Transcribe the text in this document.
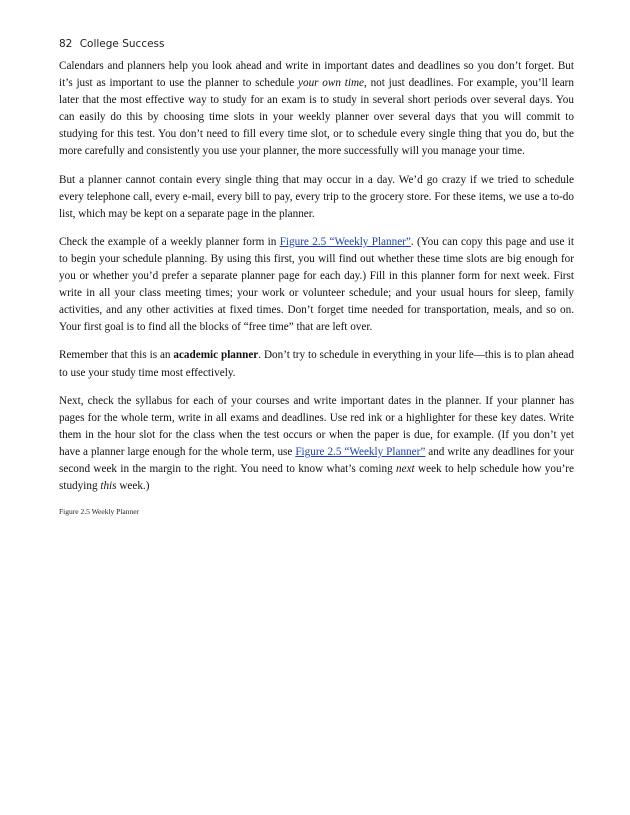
82 College Success

Calendars and planners help you look ahead and write in important dates and deadlines so you don’t forget. But it’s just as important to use the planner to schedule your own time, not just deadlines. For example, you’ll learn later that the most effective way to study for an exam is to study in several short periods over several days. You can easily do this by choosing time slots in your weekly planner over several days that you will commit to studying for this test. You don’t need to fill every time slot, or to schedule every single thing that you do, but the more carefully and consistently you use your planner, the more successfully will you manage your time.

But a planner cannot contain every single thing that may occur in a day. We’d go crazy if we tried to schedule every telephone call, every e-mail, every bill to pay, every trip to the grocery store. For these items, we use a to-do list, which may be kept on a separate page in the planner.

Check the example of a weekly planner form in Figure 2.5 “Weekly Planner”. (You can copy this page and use it to begin your schedule planning. By using this first, you will find out whether these time slots are big enough for you or whether you’d prefer a separate planner page for each day.) Fill in this planner form for next week. First write in all your class meeting times; your work or volunteer schedule; and your usual hours for sleep, family activities, and any other activities at fixed times. Don’t forget time needed for transportation, meals, and so on. Your first goal is to find all the blocks of “free time” that are left over.

Remember that this is an academic planner. Don’t try to schedule in everything in your life—this is to plan ahead to use your study time most effectively.

Next, check the syllabus for each of your courses and write important dates in the planner. If your planner has pages for the whole term, write in all exams and deadlines. Use red ink or a highlighter for these key dates. Write them in the hour slot for the class when the test occurs or when the paper is due, for example. (If you don’t yet have a planner large enough for the whole term, use Figure 2.5 “Weekly Planner” and write any deadlines for your second week in the margin to the right. You need to know what’s coming next week to help schedule how you’re studying this week.)

Figure 2.5 Weekly Planner
